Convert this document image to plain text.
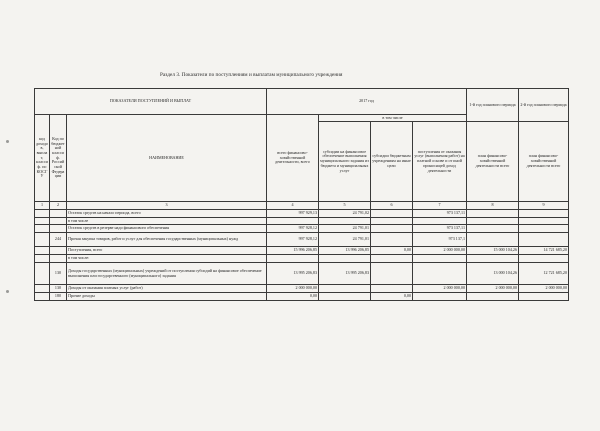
Раздел 3. Показатели по поступлениям и выплатам муниципального учреждения
ПОКАЗАТЕЛИ ПОСТУПЛЕНИЙ И ВЫПЛАТ			2017 год				1-й год планового периода	2-й год планового периода
код доходов, выплат, классиф. по КОСГУ	Код по бюджетной классиф. Российской Федерации	НАИМЕНОВАНИЕ	всего финансово-хозяйственной деятельности, всего	в том числе				
				субсидии на финансовое обеспечение выполнения муниципального задания из бюджета и муниципальных услуг	субсидии бюджетным учреждениям на иные цели	поступления от оказания услуг (выполнения работ) на платной основе и от иной приносящей доход деятельности	план финансово-хозяйственной деятельности всего	план финансово-хозяйственной деятельности всего
1	2	3	4	5	6	7	8	9
		Остаток средств на начало периода, всего	997 929,13	24 791,02		973 137,11		
		в том числе						
		Остаток средств в резерве надо финансового обеспечения	997 928,12	24 791,01		973 137,11		
	244	Прочая закупка товаров, работ и услуг для обеспечения государственных (муниципальных) нужд	997 928,12	24 791,01		973 137,1		
		Поступления, всего	15 996 206,85	13 996 206,85	0,00	2 000 000,00	15 000 104,26	14 721 685,20
		в том числе:						
	130	Доходы государственных (муниципальных) учреждений от поступления субсидий на финансовое обеспечение выполнения или государственного (муниципального) задания	13 995 206,83	13 995 206,83			13 000 104,26	12 721 685,20
	130	Доходы от оказания платных услуг (работ)	2 000 000,00			2 000 000,00	2 000 000,00	2 000 000,00
	180	Прочие доходы	0,00		0,00			
